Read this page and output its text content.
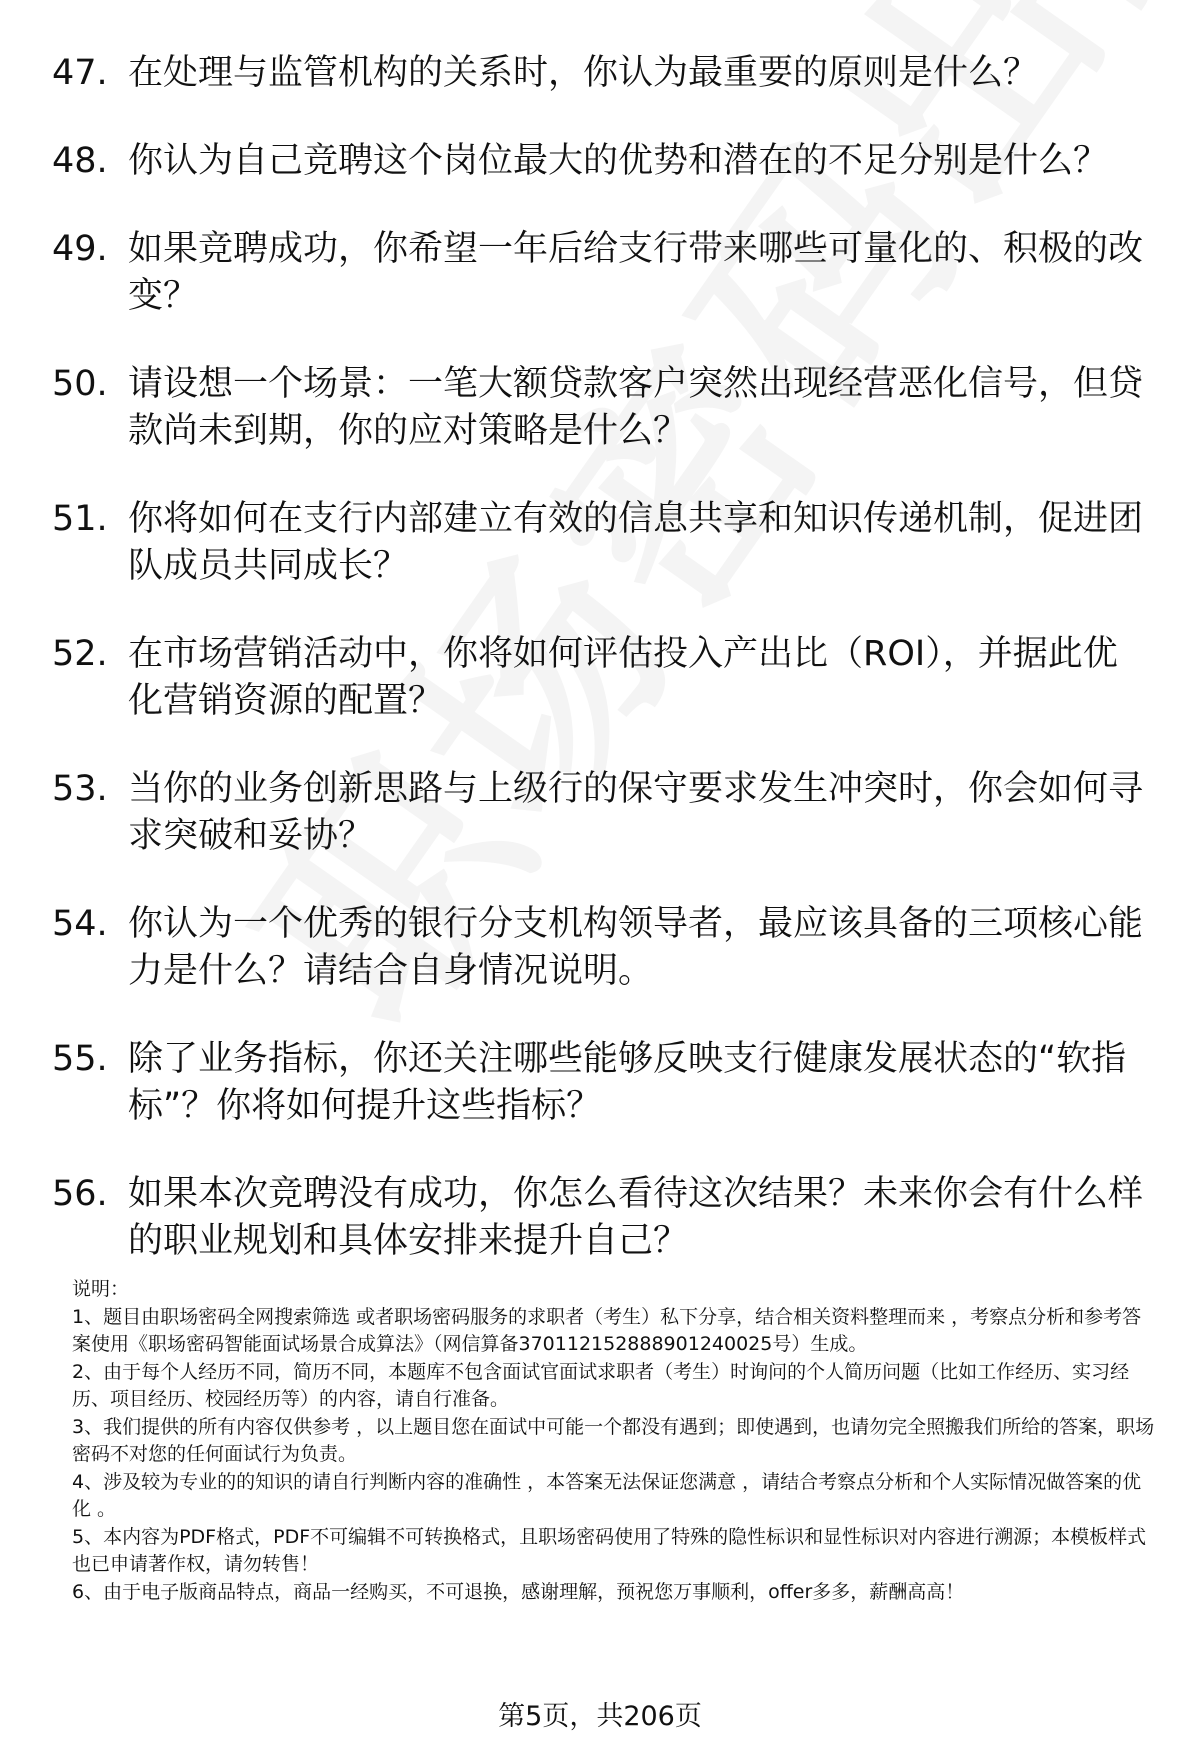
47. 在处理与监管机构的关系时，你认为最重要的原则是什么？
48. 你认为自己竞聘这个岗位最大的优势和潜在的不足分别是什么？
49. 如果竞聘成功，你希望一年后给支行带来哪些可量化的、积极的改变？
50. 请设想一个场景：一笔大额贷款客户突然出现经营恶化信号，但贷款尚未到期，你的应对策略是什么？
51. 你将如何在支行内部建立有效的信息共享和知识传递机制，促进团队成员共同成长？
52. 在市场营销活动中，你将如何评估投入产出比（ROI），并据此优化营销资源的配置？
53. 当你的业务创新思路与上级行的保守要求发生冲突时，你会如何寻求突破和妥协？
54. 你认为一个优秀的银行分支机构领导者，最应该具备的三项核心能力是什么？请结合自身情况说明。
55. 除了业务指标，你还关注哪些能够反映支行健康发展状态的“软指标”？你将如何提升这些指标？
56. 如果本次竞聘没有成功，你怎么看待这次结果？未来你会有什么样的职业规划和具体安排来提升自己？

说明：

1、题目由职场密码全网搜索筛选 或者职场密码服务的求职者（考生）私下分享，结合相关资料整理而来 ，考察点分析和参考答案使用《职场密码智能面试场景合成算法》（网信算备370112152888901240025号）生成。

2、由于每个人经历不同，简历不同，本题库不包含面试官面试求职者（考生）时询问的个人简历问题（比如工作经历、实习经历、项目经历、校园经历等）的内容，请自行准备。

3、我们提供的所有内容仅供参考 ，以上题目您在面试中可能一个都没有遇到；即使遇到，也请勿完全照搬我们所给的答案，职场密码不对您的任何面试行为负责。

4、涉及较为专业的的知识的请自行判断内容的准确性 ，本答案无法保证您满意 ，请结合考察点分析和个人实际情况做答案的优化 。

5、本内容为PDF格式，PDF不可编辑不可转换格式，且职场密码使用了特殊的隐性标识和显性标识对内容进行溯源；本模板样式也已申请著作权，请勿转售！

6、由于电子版商品特点，商品一经购买，不可退换，感谢理解，预祝您万事顺利，offer多多，薪酬高高！

第5页，共206页
